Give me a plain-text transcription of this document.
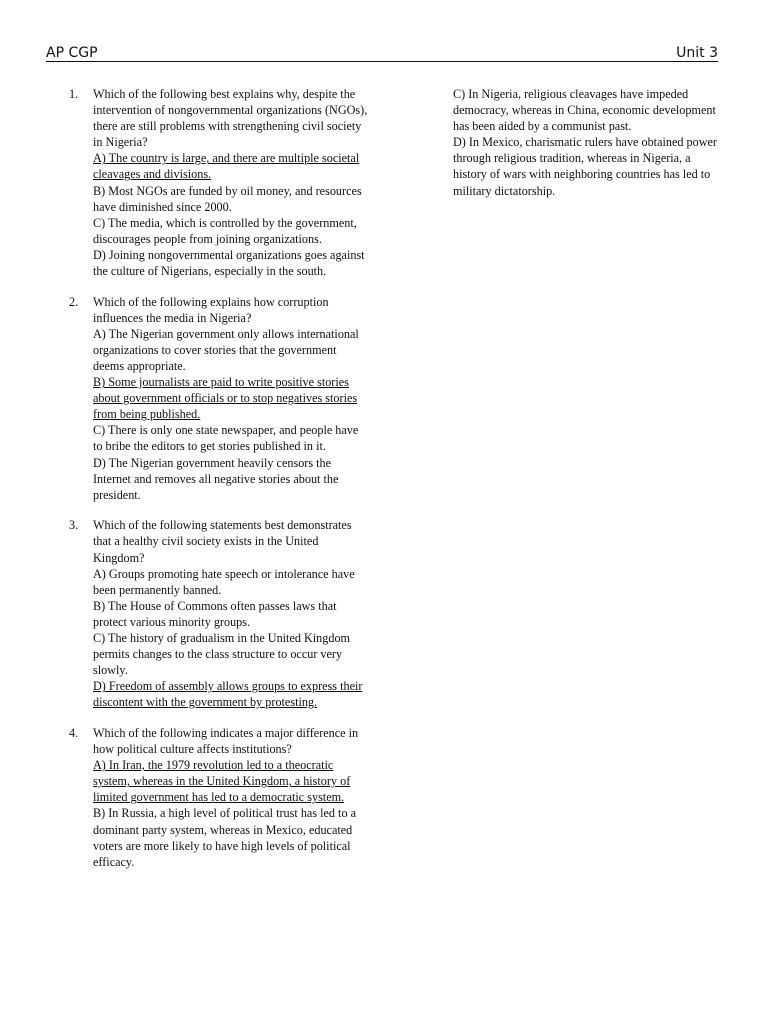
AP CGP	Unit 3
1. Which of the following best explains why, despite the intervention of nongovernmental organizations (NGOs), there are still problems with strengthening civil society in Nigeria?
A) The country is large, and there are multiple societal cleavages and divisions.
B) Most NGOs are funded by oil money, and resources have diminished since 2000.
C) The media, which is controlled by the government, discourages people from joining organizations.
D) Joining nongovernmental organizations goes against the culture of Nigerians, especially in the south.
2. Which of the following explains how corruption influences the media in Nigeria?
A) The Nigerian government only allows international organizations to cover stories that the government deems appropriate.
B) Some journalists are paid to write positive stories about government officials or to stop negatives stories from being published.
C) There is only one state newspaper, and people have to bribe the editors to get stories published in it.
D) The Nigerian government heavily censors the Internet and removes all negative stories about the president.
3. Which of the following statements best demonstrates that a healthy civil society exists in the United Kingdom?
A) Groups promoting hate speech or intolerance have been permanently banned.
B) The House of Commons often passes laws that protect various minority groups.
C) The history of gradualism in the United Kingdom permits changes to the class structure to occur very slowly.
D) Freedom of assembly allows groups to express their discontent with the government by protesting.
4. Which of the following indicates a major difference in how political culture affects institutions?
A) In Iran, the 1979 revolution led to a theocratic system, whereas in the United Kingdom, a history of limited government has led to a democratic system.
B) In Russia, a high level of political trust has led to a dominant party system, whereas in Mexico, educated voters are more likely to have high levels of political efficacy.
C) In Nigeria, religious cleavages have impeded democracy, whereas in China, economic development has been aided by a communist past.
D) In Mexico, charismatic rulers have obtained power through religious tradition, whereas in Nigeria, a history of wars with neighboring countries has led to military dictatorship.
